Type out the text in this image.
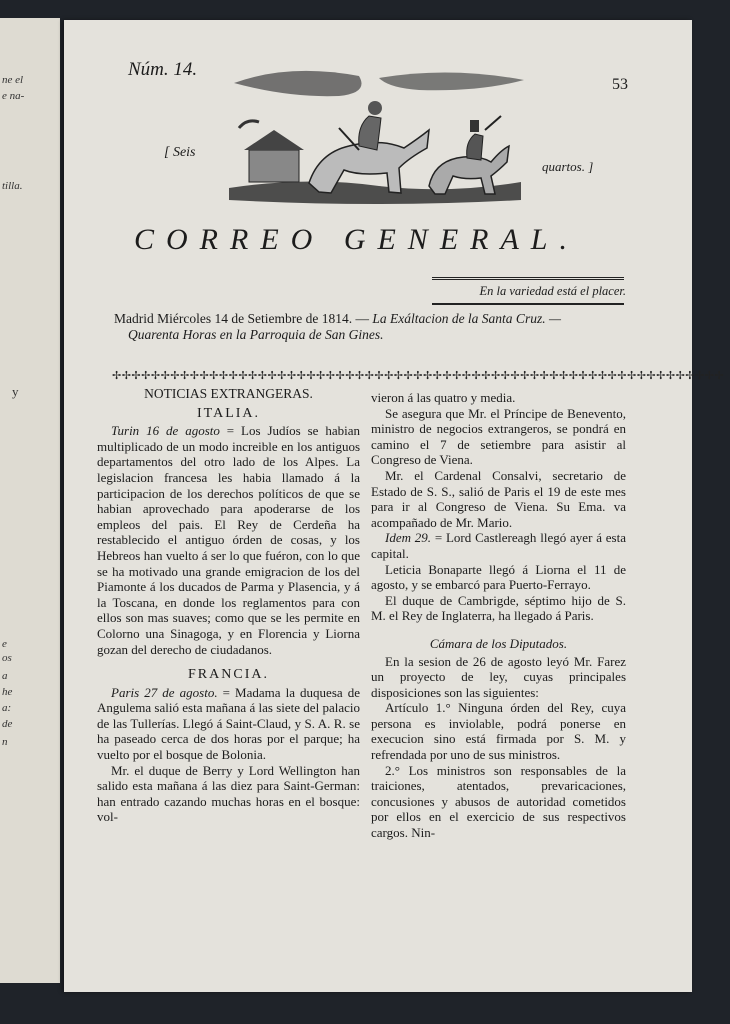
ne el
e na-
tilla.
y
e
os
a
he
a:
de
n
Núm. 14.
53
[ Seis
quartos. ]
CORREO GENERAL.
En la variedad está el placer.
Madrid Miércoles 14 de Setiembre de 1814. — La Exáltacion de la Santa Cruz. —
Quarenta Horas en la Parroquia de San Gines.
✢✢✢✢✢✢✢✢✢✢✢✢✢✢✢✢✢✢✢✢✢✢✢✢✢✢✢✢✢✢✢✢✢✢✢✢✢✢✢✢✢✢✢✢✢✢✢✢✢✢✢✢✢✢✢✢✢✢✢✢✢✢✢

NOTICIAS EXTRANGERAS.

ITALIA.

Turin 16 de agosto = Los Judíos se habian multiplicado de un modo increible en los antiguos departamentos del otro lado de los Alpes. La legislacion francesa les habia llamado á la participacion de los derechos políticos de que se habian aprovechado para apoderarse de los empleos del pais. El Rey de Cerdeña ha restablecido el antiguo órden de cosas, y los Hebreos han vuelto á ser lo que fuéron, con lo que se ha motivado una grande emigracion de los del Piamonte á los ducados de Parma y Plasencia, y á la Toscana, en donde los reglamentos para con ellos son mas suaves; como que se les permite en Colorno una Sinagoga, y en Florencia y Liorna gozan del derecho de ciudadanos.

FRANCIA.

Paris 27 de agosto. = Madama la duquesa de Angulema salió esta mañana á las siete del palacio de las Tullerías. Llegó á Saint-Claud, y S. A. R. se ha paseado cerca de dos horas por el parque; ha vuelto por el bosque de Bolonia.

Mr. el duque de Berry y Lord Wellington han salido esta mañana á las diez para Saint-German: han entrado cazando muchas horas en el bosque: vol-

vieron á las quatro y media.

Se asegura que Mr. el Príncipe de Benevento, ministro de negocios extrangeros, se pondrá en camino el 7 de setiembre para asistir al Congreso de Viena.

Mr. el Cardenal Consalvi, secretario de Estado de S. S., salió de Paris el 19 de este mes para ir al Congreso de Viena. Su Ema. va acompañado de Mr. Mario.

Idem 29. = Lord Castlereagh llegó ayer á esta capital.

Leticia Bonaparte llegó á Liorna el 11 de agosto, y se embarcó para Puerto-Ferrayo.

El duque de Cambrigde, séptimo hijo de S. M. el Rey de Inglaterra, ha llegado á Paris.

Cámara de los Diputados.

En la sesion de 26 de agosto leyó Mr. Farez un proyecto de ley, cuyas principales disposiciones son las siguientes:

Artículo 1.° Ninguna órden del Rey, cuya persona es inviolable, podrá ponerse en execucion sino está firmada por S. M. y refrendada por uno de sus ministros.

2.° Los ministros son responsables de la traiciones, atentados, prevaricaciones, concusiones y abusos de autoridad cometidos por ellos en el exercicio de sus respectivos cargos. Nin-
